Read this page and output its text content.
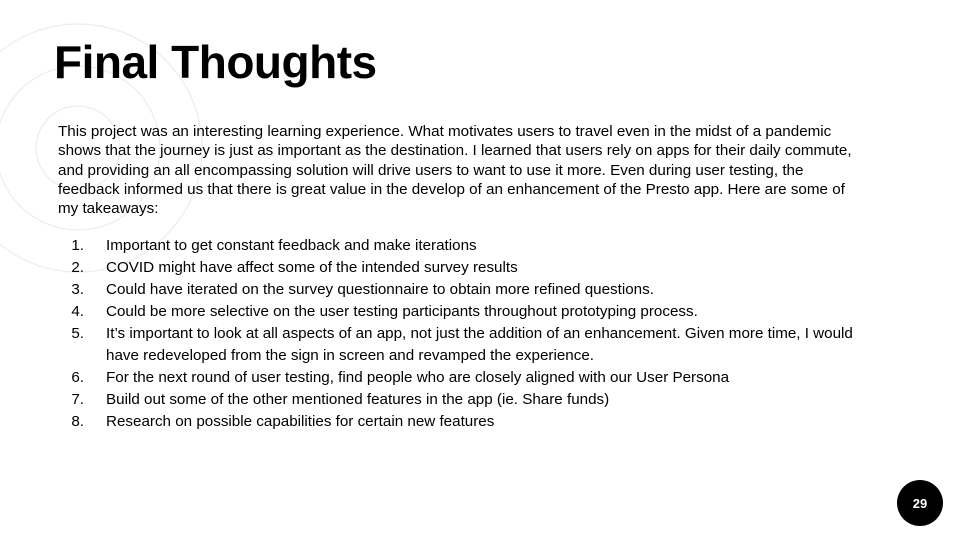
Final Thoughts

This project was an interesting learning experience. What motivates users to travel even in the midst of a pandemic shows that the journey is just as important as the destination. I learned that users rely on apps for their daily commute, and providing an all encompassing solution will drive users to want to use it more. Even during user testing, the feedback informed us that there is great value in the develop of an enhancement of the Presto app. Here are some of my takeaways:

1. Important to get constant feedback and make iterations
2. COVID might have affect some of the intended survey results
3. Could have iterated on the survey questionnaire to obtain more refined questions.
4. Could be more selective on the user testing participants throughout prototyping process.
5. It’s important to look at all aspects of an app, not just the addition of an enhancement. Given more time, I would have redeveloped from the sign in screen and revamped the experience.
6. For the next round of user testing, find people who are closely aligned with our User Persona
7. Build out some of the other mentioned features in the app (ie. Share funds)
8. Research on possible capabilities for certain new features
29
